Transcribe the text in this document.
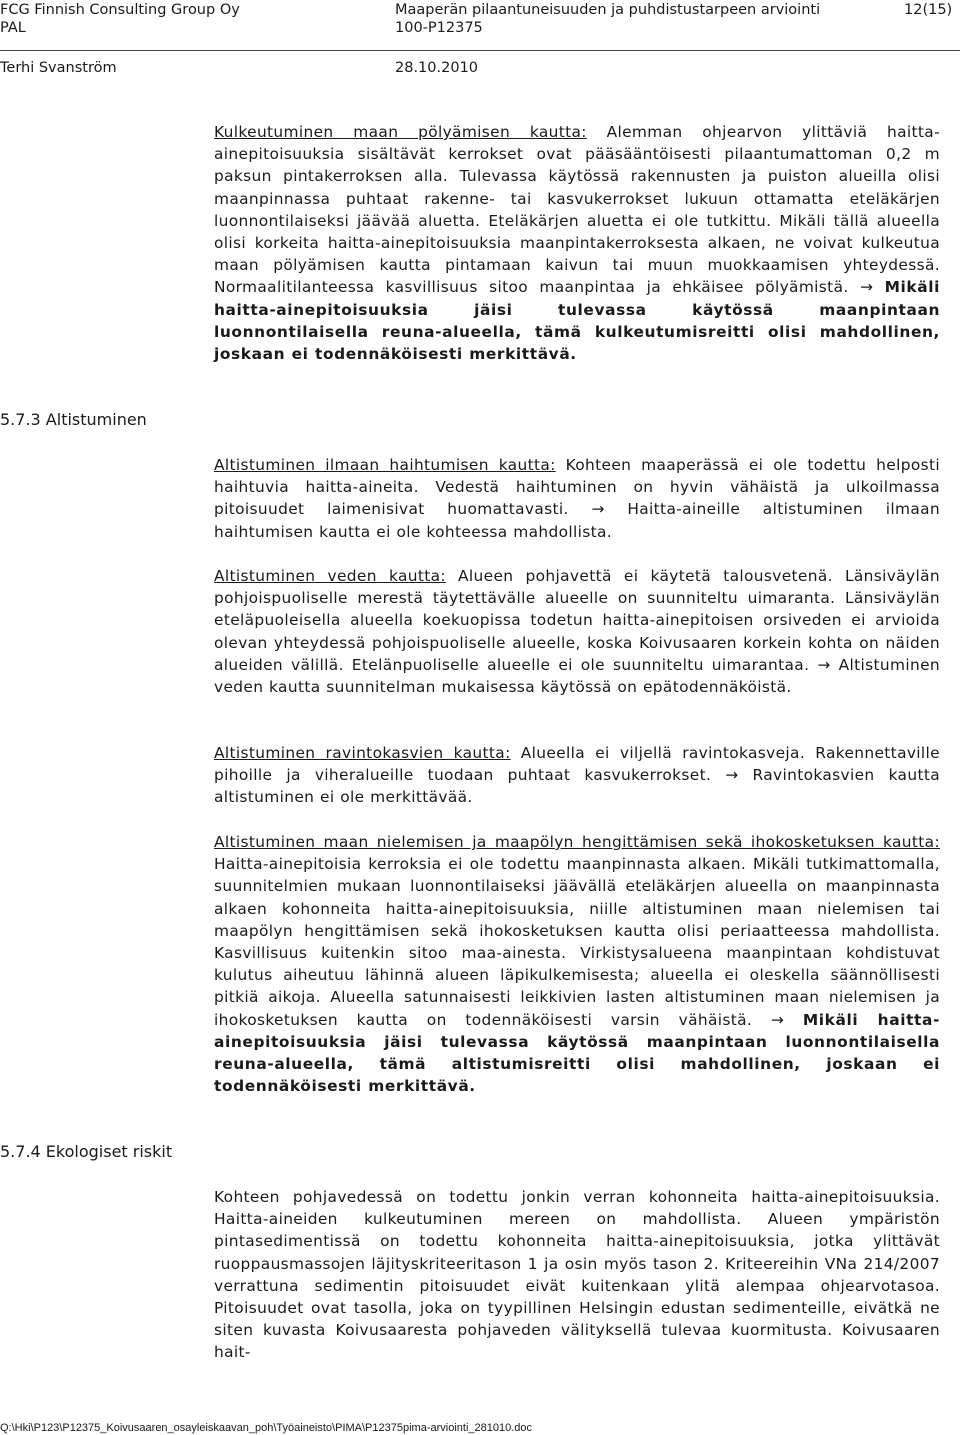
FCG Finnish Consulting Group Oy
PAL
Terhi Svanström
Maaperän pilaantuneisuuden ja puhdistustarpeen arviointi
100-P12375
28.10.2010
12(15)
5.7.3 Altistuminen
5.7.4 Ekologiset riskit
Kulkeutuminen maan pölyämisen kautta: Alemman ohjearvon ylittäviä haitta-ainepitoisuuksia sisältävät kerrokset ovat pääsääntöisesti pilaantumattoman 0,2 m paksun pintakerroksen alla. Tulevassa käytössä rakennusten ja puiston alueilla olisi maanpinnassa puhtaat rakenne- tai kasvukerrokset lukuun ottamatta eteläkärjen luonnontilaiseksi jäävää aluetta. Eteläkärjen aluetta ei ole tutkittu. Mikäli tällä alueella olisi korkeita haitta-ainepitoisuuksia maanpintakerroksesta alkaen, ne voivat kulkeutua maan pölyämisen kautta pintamaan kaivun tai muun muokkaamisen yhteydessä. Normaalitilanteessa kasvillisuus sitoo maanpintaa ja ehkäisee pölyämistä. → Mikäli haitta-ainepitoisuuksia jäisi tulevassa käytössä maanpintaan luonnontilaisella reuna-alueella, tämä kulkeutumisreitti olisi mahdollinen, joskaan ei todennäköisesti merkittävä.
Altistuminen ilmaan haihtumisen kautta: Kohteen maaperässä ei ole todettu helposti haihtuvia haitta-aineita. Vedestä haihtuminen on hyvin vähäistä ja ulkoilmassa pitoisuudet laimenisivat huomattavasti. → Haitta-aineille altistuminen ilmaan haihtumisen kautta ei ole kohteessa mahdollista.
Altistuminen veden kautta: Alueen pohjavettä ei käytetä talousvetenä. Länsiväylän pohjoispuoliselle merestä täytettävälle alueelle on suunniteltu uimaranta. Länsiväylän eteläpuoleisella alueella koekuopissa todetun haitta-ainepitoisen orsiveden ei arvioida olevan yhteydessä pohjoispuoliselle alueelle, koska Koivusaaren korkein kohta on näiden alueiden välillä. Etelänpuoliselle alueelle ei ole suunniteltu uimarantaa. → Altistuminen veden kautta suunnitelman mukaisessa käytössä on epätodennäköistä.
Altistuminen ravintokasvien kautta: Alueella ei viljellä ravintokasveja. Rakennettaville pihoille ja viheralueille tuodaan puhtaat kasvukerrokset. → Ravintokasvien kautta altistuminen ei ole merkittävää.
Altistuminen maan nielemisen ja maapölyn hengittämisen sekä ihokosketuksen kautta: Haitta-ainepitoisia kerroksia ei ole todettu maanpinnasta alkaen. Mikäli tutkimattomalla, suunnitelmien mukaan luonnontilaiseksi jäävällä eteläkärjen alueella on maanpinnasta alkaen kohonneita haitta-ainepitoisuuksia, niille altistuminen maan nielemisen tai maapölyn hengittämisen sekä ihokosketuksen kautta olisi periaatteessa mahdollista. Kasvillisuus kuitenkin sitoo maa-ainesta. Virkistysalueena maanpintaan kohdistuvat kulutus aiheutuu lähinnä alueen läpikulkemisesta; alueella ei oleskella säännöllisesti pitkiä aikoja. Alueella satunnaisesti leikkivien lasten altistuminen maan nielemisen ja ihokosketuksen kautta on todennäköisesti varsin vähäistä. → Mikäli haitta-ainepitoisuuksia jäisi tulevassa käytössä maanpintaan luonnontilaisella reuna-alueella, tämä altistumisreitti olisi mahdollinen, joskaan ei todennäköisesti merkittävä.
Kohteen pohjavedessä on todettu jonkin verran kohonneita haitta-ainepitoisuuksia. Haitta-aineiden kulkeutuminen mereen on mahdollista. Alueen ympäristön pintasedimentissä on todettu kohonneita haitta-ainepitoisuuksia, jotka ylittävät ruoppausmassojen läjityskriteeritason 1 ja osin myös tason 2. Kriteereihin VNa 214/2007 verrattuna sedimentin pitoisuudet eivät kuitenkaan ylitä alempaa ohjearvotasoa. Pitoisuudet ovat tasolla, joka on tyypillinen Helsingin edustan sedimenteille, eivätkä ne siten kuvasta Koivusaaresta pohjaveden välityksellä tulevaa kuormitusta. Koivusaaren hait-
Q:\Hki\P123\P12375_Koivusaaren_osayleiskaavan_poh\Työaineisto\PIMA\P12375pima-arviointi_281010.doc
